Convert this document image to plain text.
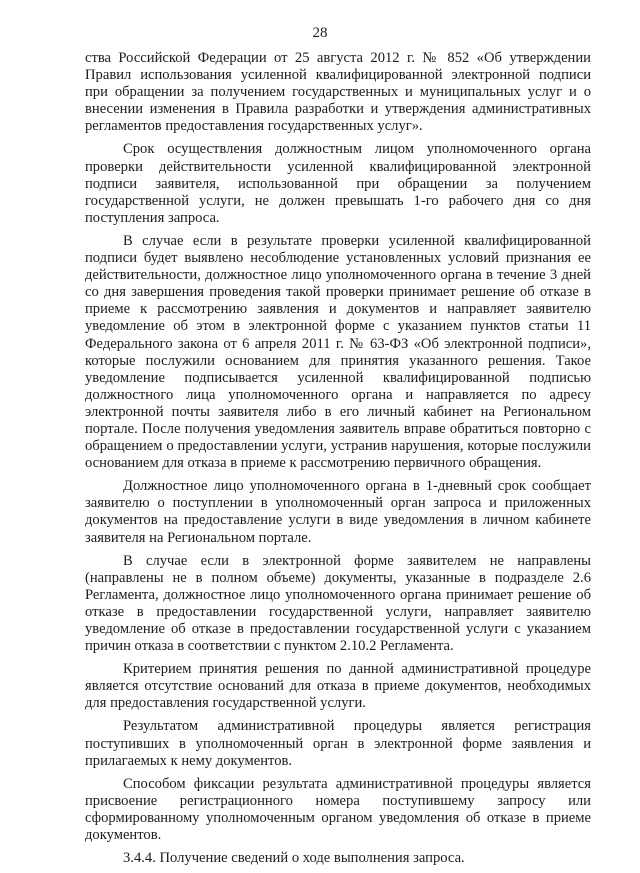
28

ства Российской Федерации от 25 августа 2012 г. № 852 «Об утверждении Правил использования усиленной квалифицированной электронной подписи при обращении за получением государственных и муниципальных услуг и о внесении изменения в Правила разработки и утверждения административных регламентов предоставления государственных услуг».

Срок осуществления должностным лицом уполномоченного органа проверки действительности усиленной квалифицированной электронной подписи заявителя, использованной при обращении за получением государственной услуги, не должен превышать 1-го рабочего дня со дня поступления запроса.

В случае если в результате проверки усиленной квалифицированной подписи будет выявлено несоблюдение установленных условий признания ее действительности, должностное лицо уполномоченного органа в течение 3 дней со дня завершения проведения такой проверки принимает решение об отказе в приеме к рассмотрению заявления и документов и направляет заявителю уведомление об этом в электронной форме с указанием пунктов статьи 11 Федерального закона от 6 апреля 2011 г. № 63-ФЗ «Об электронной подписи», которые послужили основанием для принятия указанного решения. Такое уведомление подписывается усиленной квалифицированной подписью должностного лица уполномоченного органа и направляется по адресу электронной почты заявителя либо в его личный кабинет на Региональном портале. После получения уведомления заявитель вправе обратиться повторно с обращением о предоставлении услуги, устранив нарушения, которые послужили основанием для отказа в приеме к рассмотрению первичного обращения.

Должностное лицо уполномоченного органа в 1-дневный срок сообщает заявителю о поступлении в уполномоченный орган запроса и приложенных документов на предоставление услуги в виде уведомления в личном кабинете заявителя на Региональном портале.

В случае если в электронной форме заявителем не направлены (направлены не в полном объеме) документы, указанные в подразделе 2.6 Регламента, должностное лицо уполномоченного органа принимает решение об отказе в предоставлении государственной услуги, направляет заявителю уведомление об отказе в предоставлении государственной услуги с указанием причин отказа в соответствии с пунктом 2.10.2 Регламента.

Критерием принятия решения по данной административной процедуре является отсутствие оснований для отказа в приеме документов, необходимых для предоставления государственной услуги.

Результатом административной процедуры является регистрация поступивших в уполномоченный орган в электронной форме заявления и прилагаемых к нему документов.

Способом фиксации результата административной процедуры является присвоение регистрационного номера поступившему запросу или сформированному уполномоченным органом уведомления об отказе в приеме документов.

3.4.4. Получение сведений о ходе выполнения запроса.
